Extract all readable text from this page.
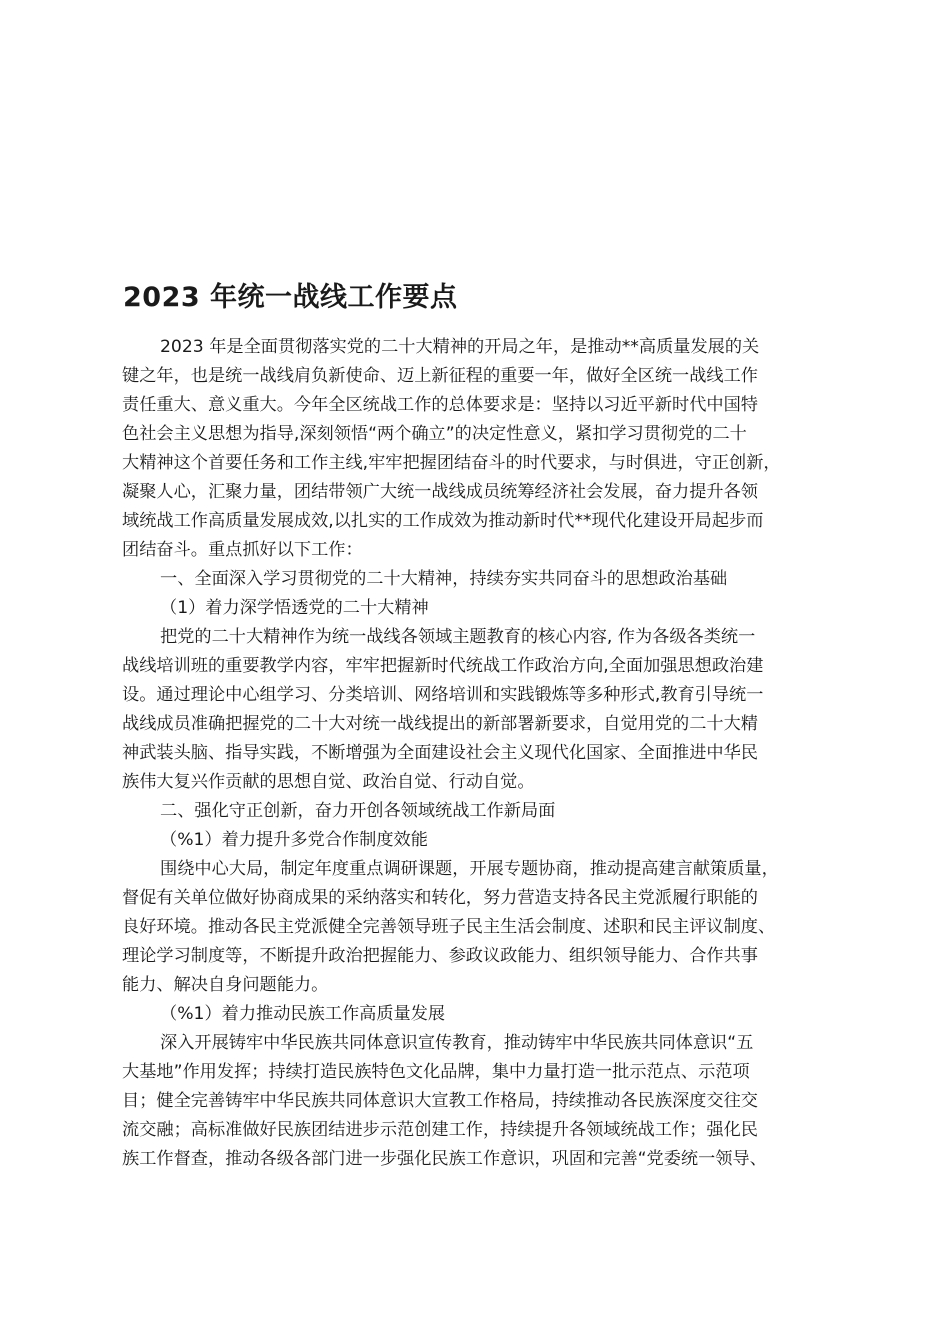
2023 年统一战线工作要点
2023 年是全面贯彻落实党的二十大精神的开局之年，是推动**高质量发展的关
键之年，也是统一战线肩负新使命、迈上新征程的重要一年，做好全区统一战线工作
责任重大、意义重大。今年全区统战工作的总体要求是：坚持以习近平新时代中国特
色社会主义思想为指导,深刻领悟“两个确立”的决定性意义，紧扣学习贯彻党的二十
大精神这个首要任务和工作主线,牢牢把握团结奋斗的时代要求，与时俱进，守正创新，
凝聚人心，汇聚力量，团结带领广大统一战线成员统筹经济社会发展，奋力提升各领
域统战工作高质量发展成效,以扎实的工作成效为推动新时代**现代化建设开局起步而
团结奋斗。重点抓好以下工作：
一、全面深入学习贯彻党的二十大精神，持续夯实共同奋斗的思想政治基础
（1）着力深学悟透党的二十大精神
把党的二十大精神作为统一战线各领域主题教育的核心内容, 作为各级各类统一
战线培训班的重要教学内容，牢牢把握新时代统战工作政治方向,全面加强思想政治建
设。通过理论中心组学习、分类培训、网络培训和实践锻炼等多种形式,教育引导统一
战线成员准确把握党的二十大对统一战线提出的新部署新要求，自觉用党的二十大精
神武装头脑、指导实践，不断增强为全面建设社会主义现代化国家、全面推进中华民
族伟大复兴作贡献的思想自觉、政治自觉、行动自觉。
二、强化守正创新，奋力开创各领域统战工作新局面
（%1）着力提升多党合作制度效能
围绕中心大局，制定年度重点调研课题，开展专题协商，推动提高建言献策质量，
督促有关单位做好协商成果的采纳落实和转化，努力营造支持各民主党派履行职能的
良好环境。推动各民主党派健全完善领导班子民主生活会制度、述职和民主评议制度、
理论学习制度等，不断提升政治把握能力、参政议政能力、组织领导能力、合作共事
能力、解决自身问题能力。
（%1）着力推动民族工作高质量发展
深入开展铸牢中华民族共同体意识宣传教育，推动铸牢中华民族共同体意识“五
大基地”作用发挥；持续打造民族特色文化品牌，集中力量打造一批示范点、示范项
目；健全完善铸牢中华民族共同体意识大宣教工作格局，持续推动各民族深度交往交
流交融；高标准做好民族团结进步示范创建工作，持续提升各领域统战工作；强化民
族工作督查，推动各级各部门进一步强化民族工作意识，巩固和完善“党委统一领导、
